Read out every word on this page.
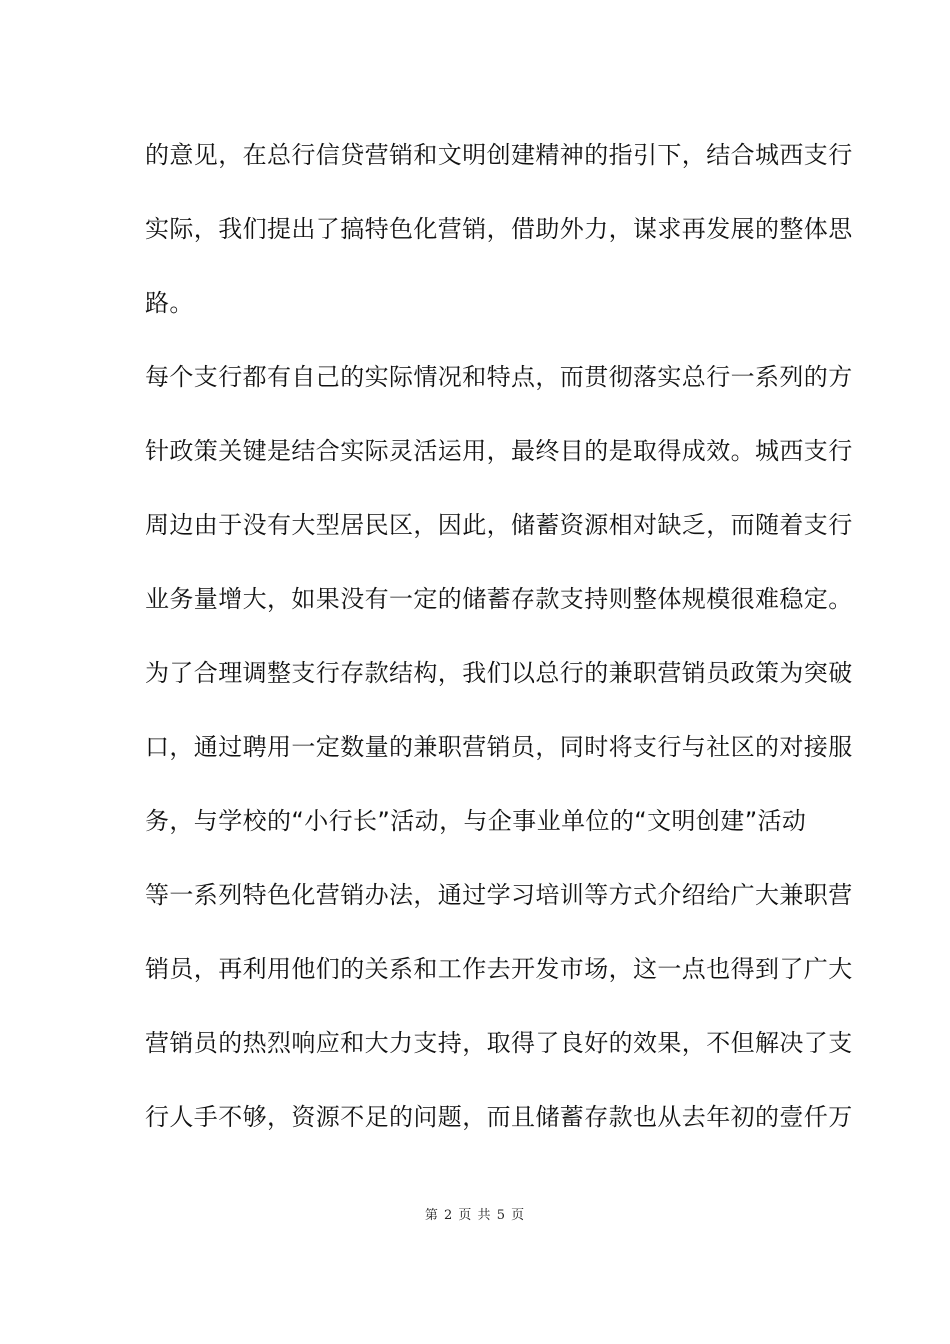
的意见，在总行信贷营销和文明创建精神的指引下，结合城西支行
实际，我们提出了搞特色化营销，借助外力，谋求再发展的整体思
路。
每个支行都有自己的实际情况和特点，而贯彻落实总行一系列的方
针政策关键是结合实际灵活运用，最终目的是取得成效。城西支行
周边由于没有大型居民区，因此，储蓄资源相对缺乏，而随着支行
业务量增大，如果没有一定的储蓄存款支持则整体规模很难稳定。
为了合理调整支行存款结构，我们以总行的兼职营销员政策为突破
口，通过聘用一定数量的兼职营销员，同时将支行与社区的对接服
务，与学校的“小行长”活动，与企事业单位的“文明创建”活动
等一系列特色化营销办法，通过学习培训等方式介绍给广大兼职营
销员，再利用他们的关系和工作去开发市场，这一点也得到了广大
营销员的热烈响应和大力支持，取得了良好的效果，不但解决了支
行人手不够，资源不足的问题，而且储蓄存款也从去年初的壹仟万
第 2 页 共 5 页
